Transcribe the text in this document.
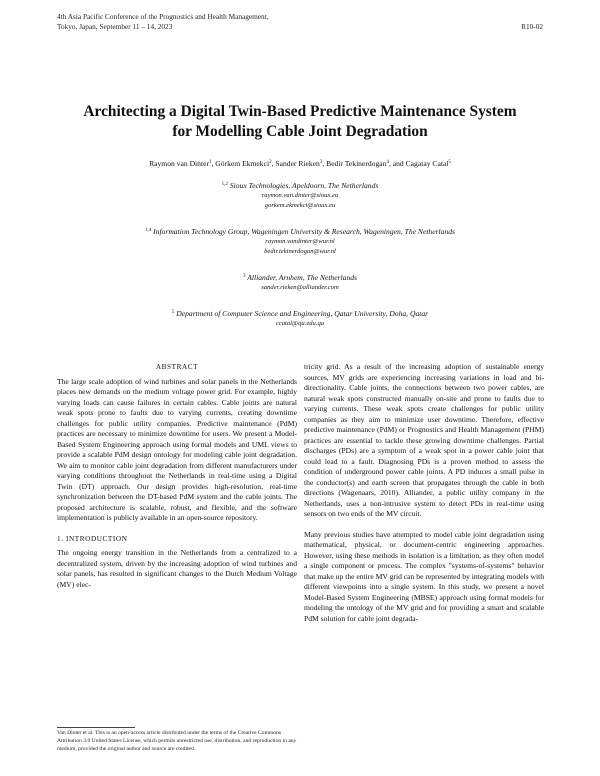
4th Asia Pacific Conference of the Prognostics and Health Management,
Tokyo, Japan, September 11 – 14, 2023	R10-02
Architecting a Digital Twin-Based Predictive Maintenance System
for Modelling Cable Joint Degradation
Raymon van Dinter$^1$, Görkem Ekmekci$^2$, Sander Rieken$^3$, Bedir Tekinerdogan$^4$, and Cagatay Catal$^5$
$^{1,2}$ Sioux Technologies, Apeldoorn, The Netherlands
raymon.van.dinter@sioux.eu
gorkem.ekmekci@sioux.eu
$^{1,4}$ Information Technology Group, Wageningen University & Research, Wageningen, The Netherlands
raymon.vandinter@wur.nl
bedir.tekinerdogan@wur.nl
$^3$ Alliander, Arnhem, The Netherlands
sander.rieken@alliander.com
$^5$ Department of Computer Science and Engineering, Qatar University, Doha, Qatar
ccatal@qu.edu.qa
ABSTRACT

The large scale adoption of wind turbines and solar panels in the Netherlands places new demands on the medium voltage power grid. For example, highly varying loads can cause failures in certain cables. Cable joints are natural weak spots prone to faults due to varying currents, creating downtime challenges for public utility companies. Predictive maintenance (PdM) practices are necessary to minimize downtime for users. We present a Model-Based System Engineering approach using formal models and UML views to provide a scalable PdM design ontology for modeling cable joint degradation. We aim to monitor cable joint degradation from different manufacturers under varying conditions throughout the Netherlands in real-time using a Digital Twin (DT) approach. Our design provides high-resolution, real-time synchronization between the DT-based PdM system and the cable joints. The proposed architecture is scalable, robust, and flexible, and the software implementation is publicly available in an open-source repository.

1. INTRODUCTION

The ongoing energy transition in the Netherlands from a centralized to a decentralized system, driven by the increasing adoption of wind turbines and solar panels, has resulted in significant changes to the Dutch Medium Voltage (MV) elec-

tricity grid. As a result of the increasing adoption of sustainable energy sources, MV grids are experiencing increasing variations in load and bi-directionality. Cable joints, the connections between two power cables, are natural weak spots constructed manually on-site and prone to faults due to varying currents. These weak spots create challenges for public utility companies as they aim to minimize user downtime. Therefore, effective predictive maintenance (PdM) or Prognostics and Health Management (PHM) practices are essential to tackle these growing downtime challenges. Partial discharges (PDs) are a symptom of a weak spot in a power cable joint that could lead to a fault. Diagnosing PDs is a proven method to assess the condition of underground power cable joints. A PD induces a small pulse in the conductor(s) and earth screen that propagates through the cable in both directions (Wagenaars, 2010). Alliander, a public utility company in the Netherlands, uses a non-intrusive system to detect PDs in real-time using sensors on two ends of the MV circuit.

Many previous studies have attempted to model cable joint degradation using mathematical, physical, or document-centric engineering approaches. However, using these methods in isolation is a limitation, as they often model a single component or process. The complex "systems-of-systems" behavior that make up the entire MV grid can be represented by integrating models with different viewpoints into a single system. In this study, we present a novel Model-Based System Engineering (MBSE) approach using formal models for modeling the ontology of the MV grid and for providing a smart and scalable PdM solution for cable joint degrada-

Van Dinter et al. This is an open-access article distributed under the terms of the Creative Commons Attribution 3.0 United States License, which permits unrestricted use, distribution, and reproduction in any medium, provided the original author and source are credited.
